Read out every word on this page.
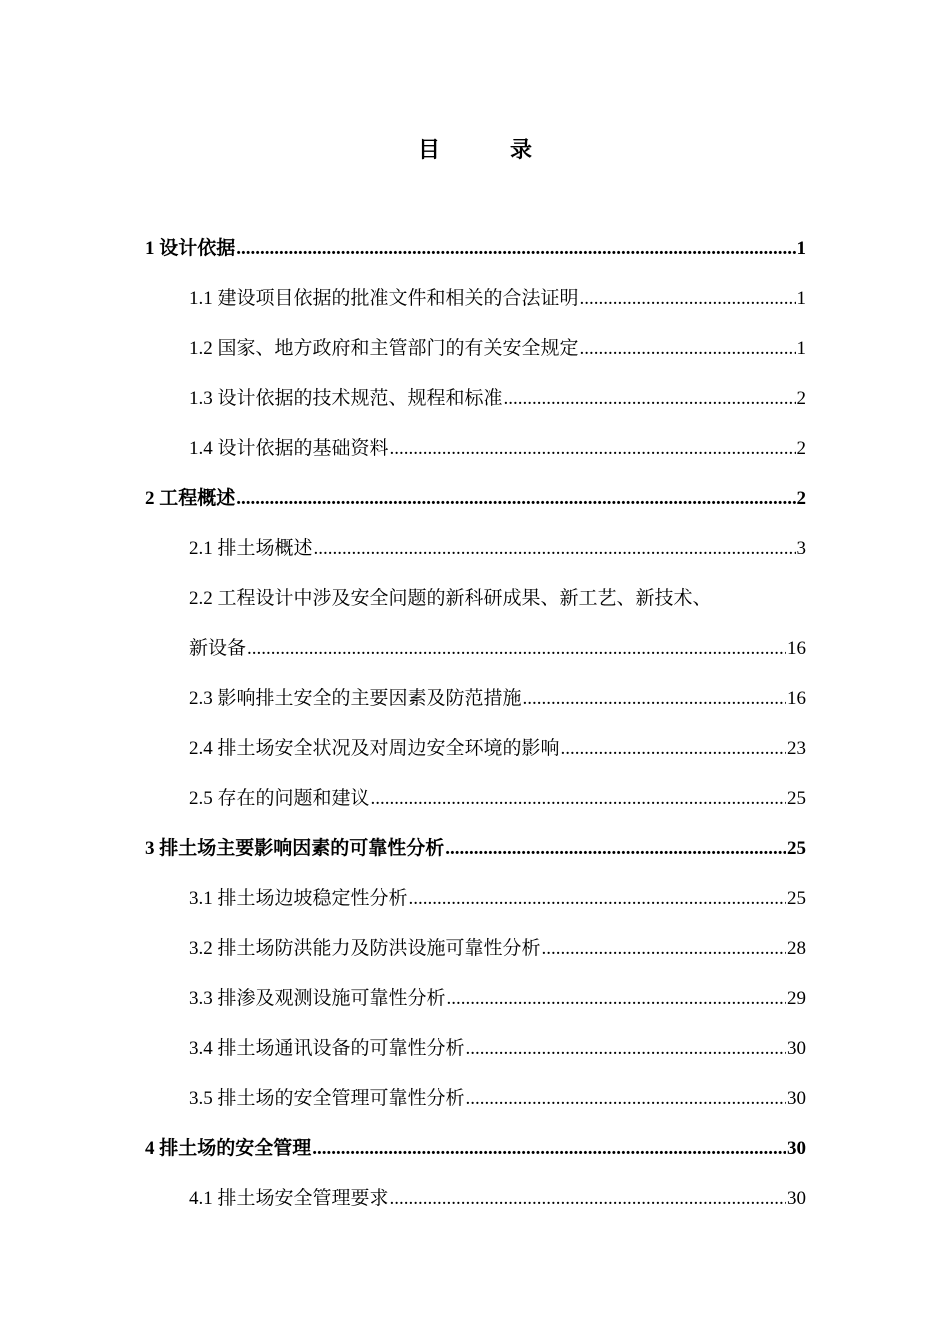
目　录
1 设计依据 .....	1
1.1 建设项目依据的批准文件和相关的合法证明 .....	1
1.2 国家、地方政府和主管部门的有关安全规定 .....	1
1.3 设计依据的技术规范、规程和标准 .....	2
1.4 设计依据的基础资料 .....	2
2 工程概述 .....	2
2.1 排土场概述 .....	3
2.2 工程设计中涉及安全问题的新科研成果、新工艺、新技术、
新设备 .....	16
2.3 影响排土安全的主要因素及防范措施 .....	16
2.4 排土场安全状况及对周边安全环境的影响 .....	23
2.5 存在的问题和建议 .....	25
3 排土场主要影响因素的可靠性分析 .....	25
3.1 排土场边坡稳定性分析 .....	25
3.2 排土场防洪能力及防洪设施可靠性分析 .....	28
3.3 排渗及观测设施可靠性分析 .....	29
3.4 排土场通讯设备的可靠性分析 .....	30
3.5 排土场的安全管理可靠性分析 .....	30
4 排土场的安全管理 .....	30
4.1 排土场安全管理要求 .....	30
